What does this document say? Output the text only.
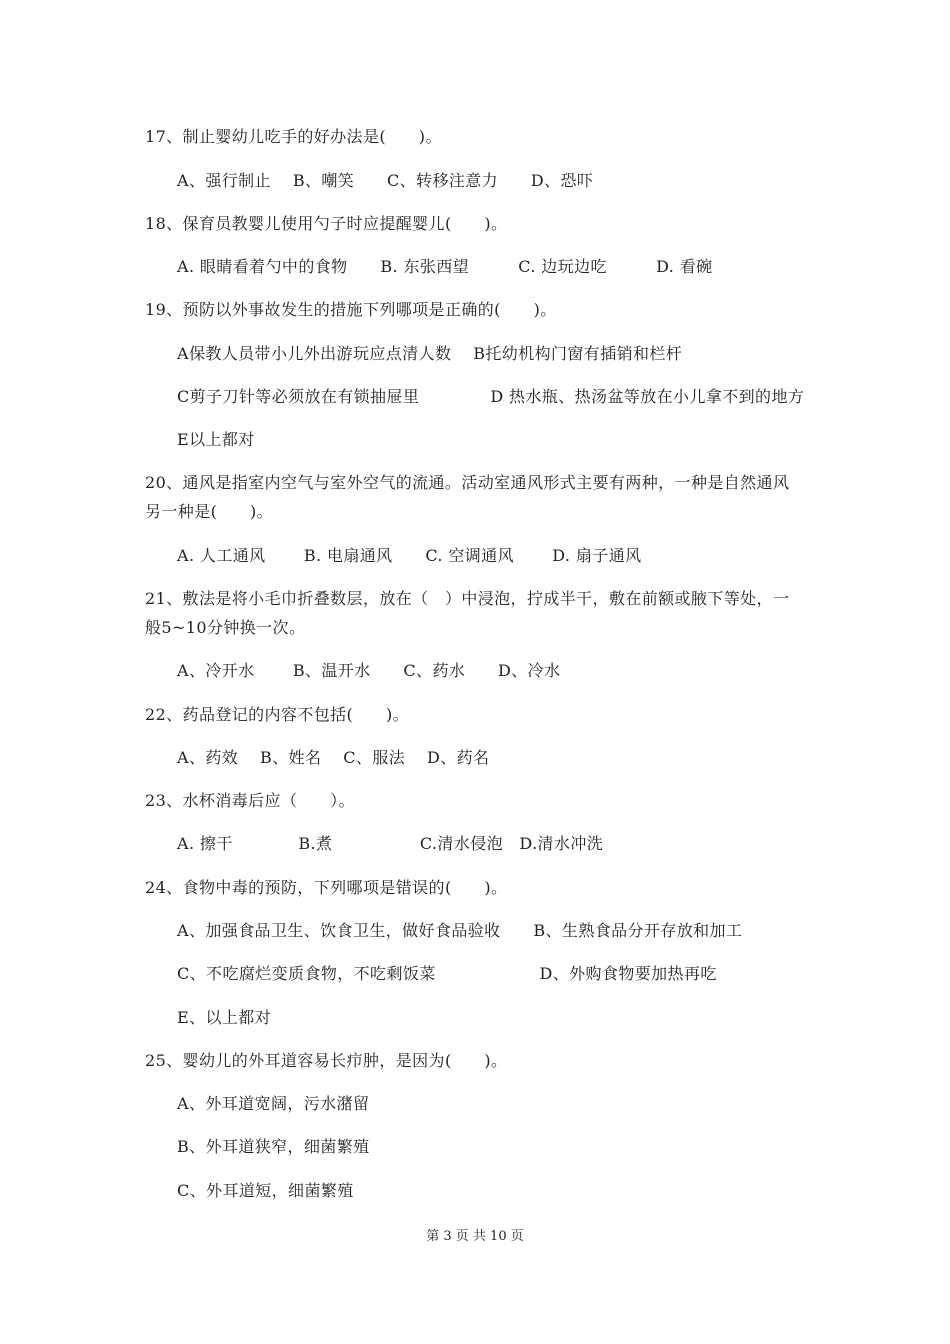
17、制止婴幼儿吃手的好办法是(　　)。

A、强行制止　 B、嘲笑　　C、转移注意力　　D、恐吓

18、保育员教婴儿使用勺子时应提醒婴儿(　　)。

A. 眼睛看着勺中的食物　　B. 东张西望　　　C. 边玩边吃　　　D. 看碗

19、预防以外事故发生的措施下列哪项是正确的(　　)。

A保教人员带小儿外出游玩应点清人数　 B托幼机构门窗有插销和栏杆

C剪子刀针等必须放在有锁抽屉里　　　　 D 热水瓶、热汤盆等放在小儿拿不到的地方

E以上都对

20、通风是指室内空气与室外空气的流通。活动室通风形式主要有两种，一种是自然通风

另一种是(　　)。

A. 人工通风　　 B. 电扇通风　　C. 空调通风　　 D. 扇子通风

21、敷法是将小毛巾折叠数层，放在（　）中浸泡，拧成半干，敷在前额或腋下等处，一

般5~10分钟换一次。

A、冷开水　　 B、温开水　　C、药水　　D、冷水

22、药品登记的内容不包括(　　)。

A、药效　 B、姓名　 C、服法　 D、药名

23、水杯消毒后应（　　）。

A. 擦干　　　　B.煮　　　　　 C.清水侵泡　D.清水冲洗

24、食物中毒的预防，下列哪项是错误的(　　)。

A、加强食品卫生、饮食卫生，做好食品验收　　B、生熟食品分开存放和加工

C、不吃腐烂变质食物，不吃剩饭菜　　　　　　 D、外购食物要加热再吃

E、以上都对

25、婴幼儿的外耳道容易长疖肿，是因为(　　)。

A、外耳道宽阔，污水潴留

B、外耳道狭窄，细菌繁殖

C、外耳道短，细菌繁殖

第 3 页 共 10 页
